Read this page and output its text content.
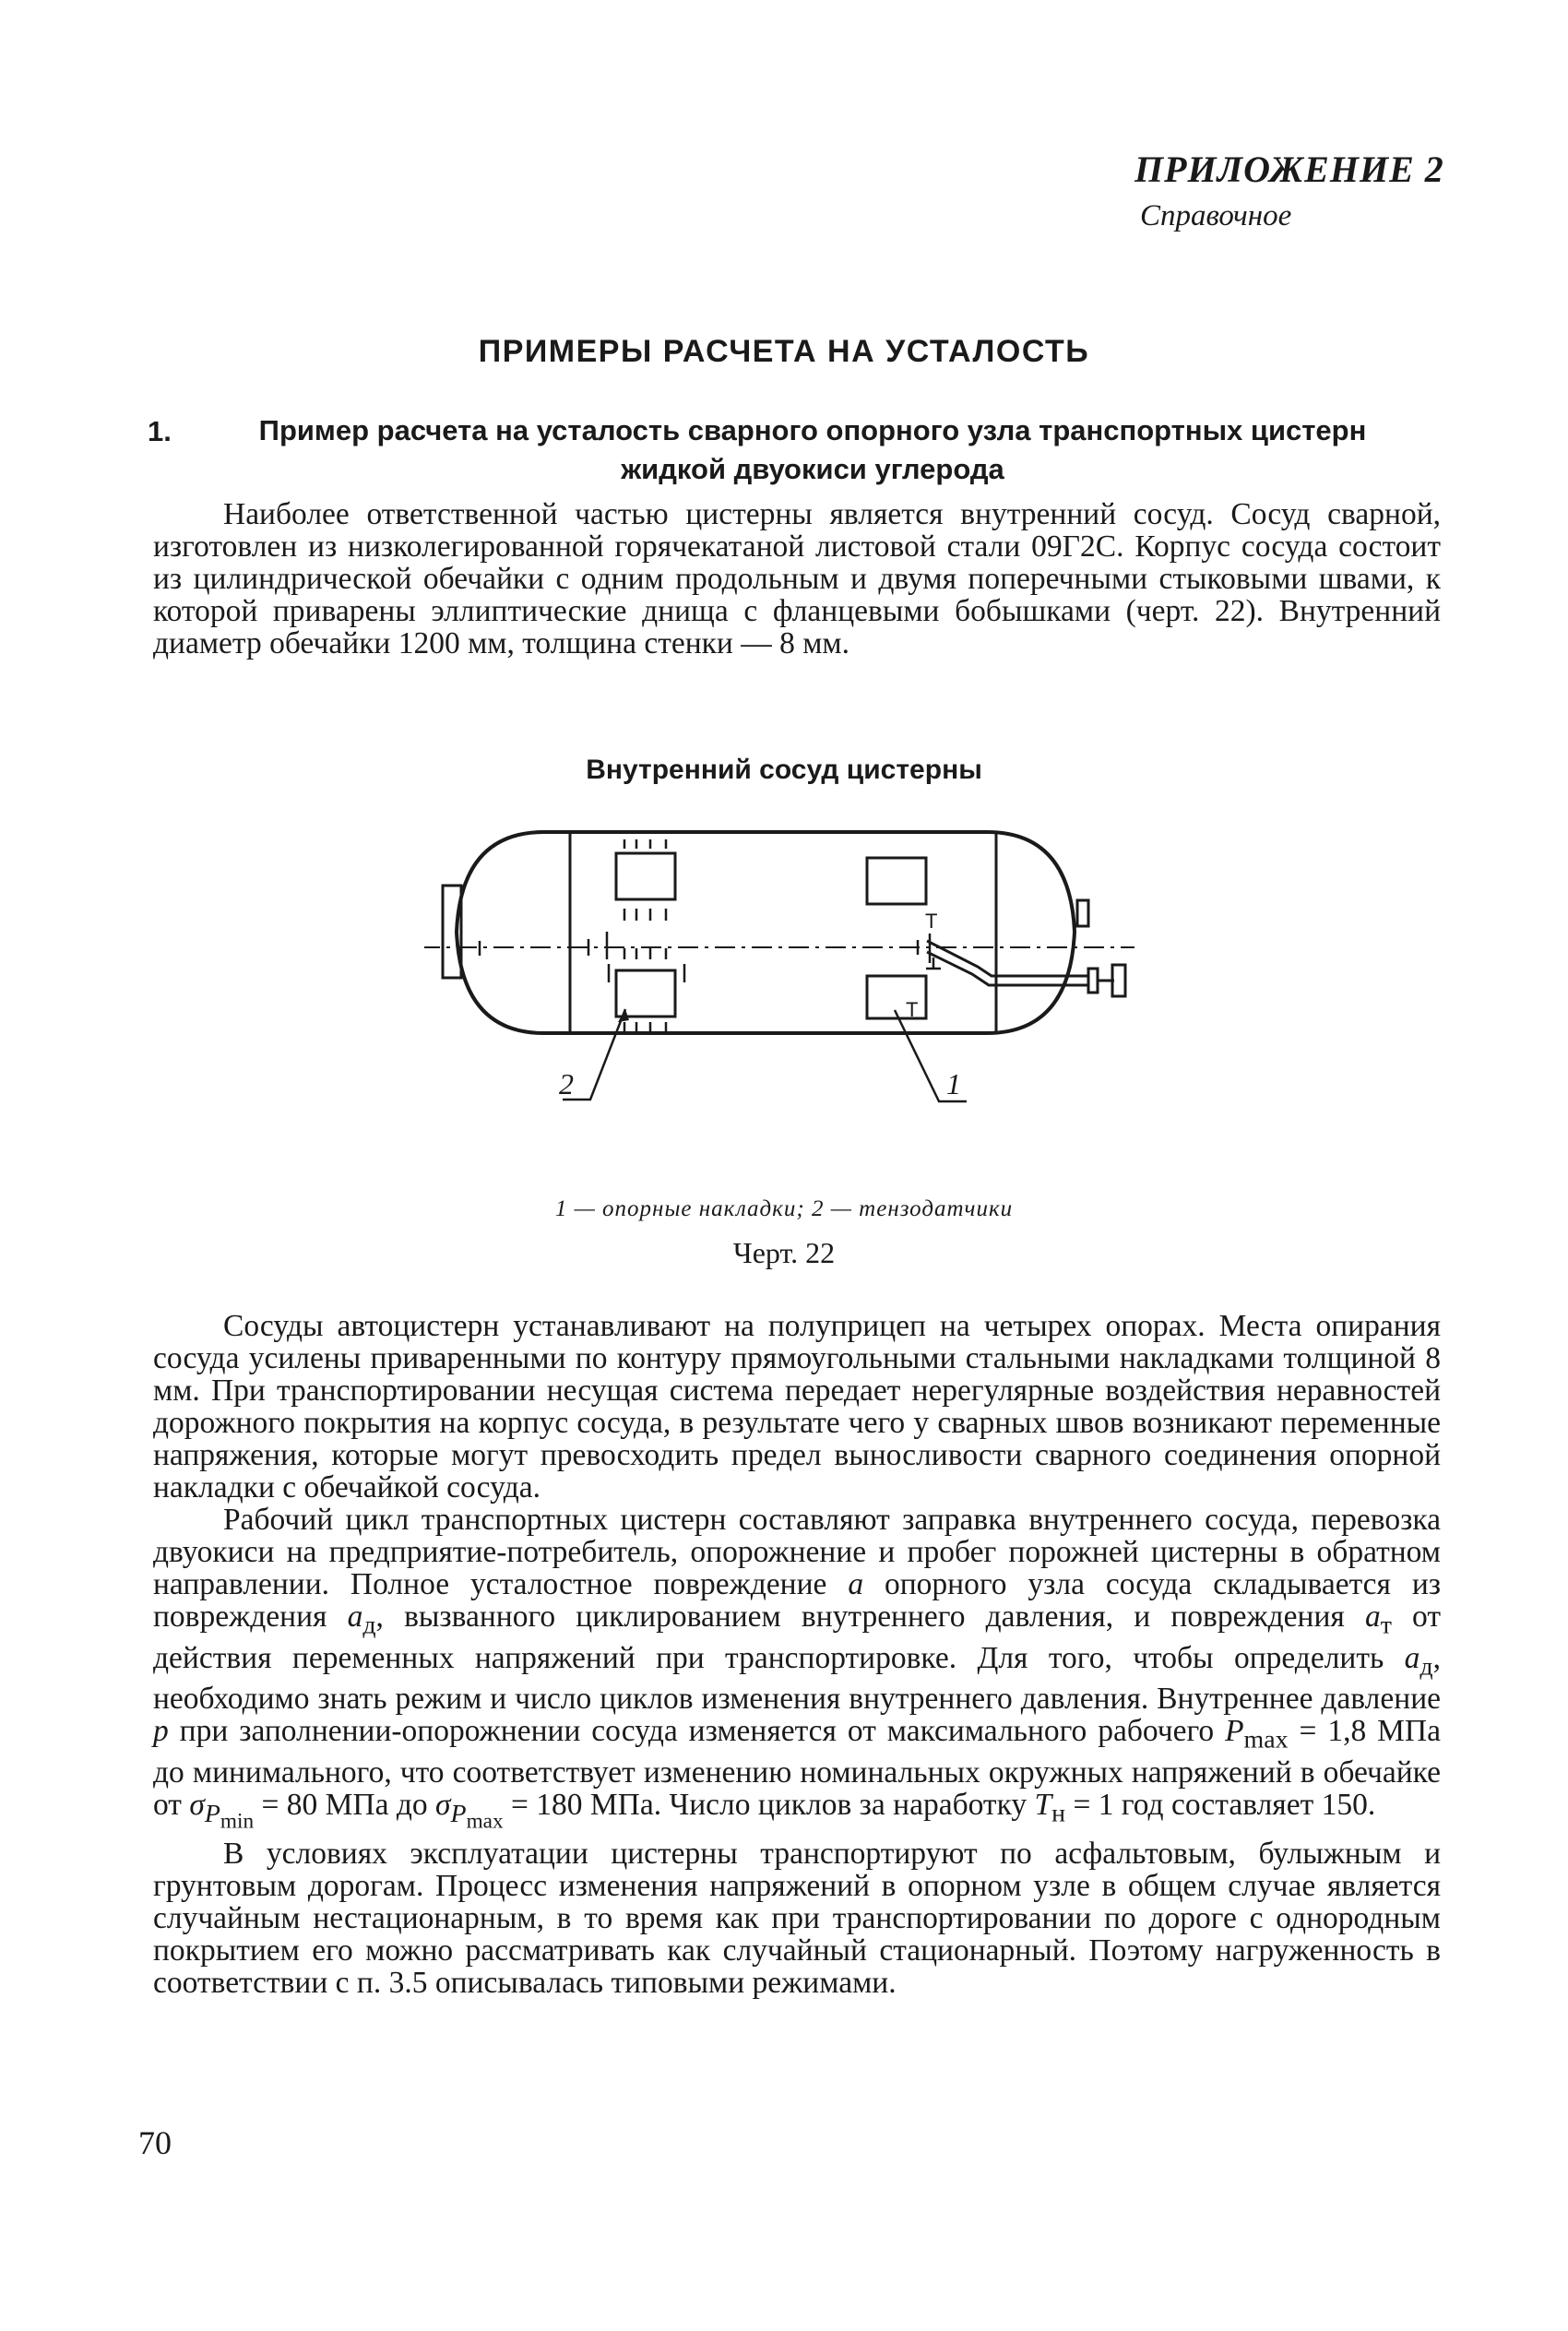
ПРИЛОЖЕНИЕ 2
Справочное
ПРИМЕРЫ РАСЧЕТА НА УСТАЛОСТЬ
1.	Пример расчета на усталость сварного опорного узла транспортных цистерн
жидкой двуокиси углерода

Наиболее ответственной частью цистерны является внутренний сосуд. Сосуд сварной, изготовлен из низколегированной горячекатаной листовой стали 09Г2С. Корпус сосуда состоит из цилиндрической обечайки с одним продольным и двумя поперечными стыковыми швами, к которой приварены эллиптические днища с фланцевыми бобышками (черт. 22). Внутренний диаметр обечайки 1200 мм, толщина стенки — 8 мм.

Внутренний сосуд цистерны
Т
Т
2	1
1 — опорные накладки; 2 — тензодатчики
Черт. 22

Сосуды автоцистерн устанавливают на полуприцеп на четырех опорах. Места опирания сосуда усилены приваренными по контуру прямоугольными стальными накладками толщиной 8 мм. При транспортировании несущая система передает нерегулярные воздействия неравностей дорожного покрытия на корпус сосуда, в результате чего у сварных швов возникают переменные напряжения, которые могут превосходить предел выносливости сварного соединения опорной накладки с обечайкой сосуда.

Рабочий цикл транспортных цистерн составляют заправка внутреннего сосуда, перевозка двуокиси на предприятие-потребитель, опорожнение и пробег порожней цистерны в обратном направлении. Полное усталостное повреждение a опорного узла сосуда складывается из повреждения $a_д$, вызванного циклированием внутреннего давления, и повреждения $a_т$ от действия переменных напряжений при транспортировке. Для того, чтобы определить $a_д$, необходимо знать режим и число циклов изменения внутреннего давления. Внутреннее давление p при заполнении-опорожнении сосуда изменяется от максимального рабочего $P_{max} = 1,8$ МПа до минимального, что соответствует изменению номинальных окружных напряжений в обечайке от $\sigma_{P_{min}} = 80$ МПа до $\sigma_{P_{max}} = 180$ МПа. Число циклов за наработку $T_н = 1$ год составляет 150.

В условиях эксплуатации цистерны транспортируют по асфальтовым, булыжным и грунтовым дорогам. Процесс изменения напряжений в опорном узле в общем случае является случайным нестационарным, в то время как при транспортировании по дороге с однородным покрытием его можно рассматривать как случайный стационарный. Поэтому нагруженность в соответствии с п. 3.5 описывалась типовыми режимами.

70
